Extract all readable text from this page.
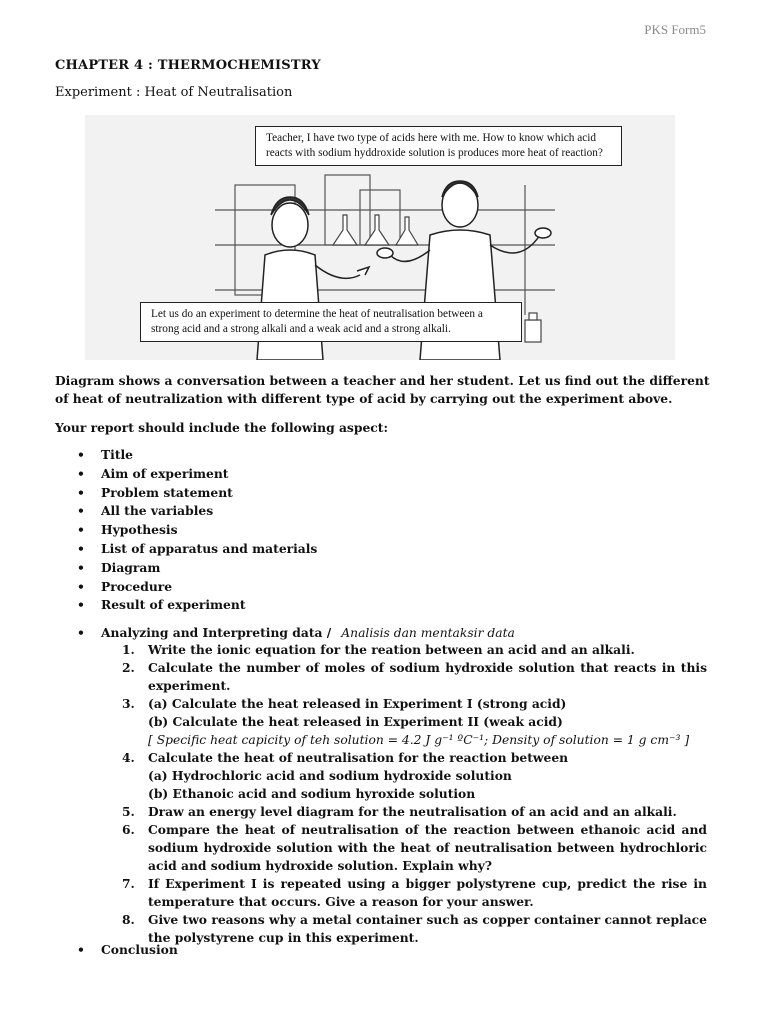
PKS Form5
CHAPTER 4 : THERMOCHEMISTRY
Experiment : Heat of Neutralisation
Teacher, I have two type of acids here with me. How to know which acid reacts with sodium hyddroxide solution is produces more heat of reaction?
Let us do an experiment to determine the heat of neutralisation between a strong acid and a strong alkali and a weak acid and a strong alkali.
Diagram shows a conversation between a teacher and her student. Let us find out the different of heat of neutralization with different type of acid by carrying out the experiment above.
Your report should include the following aspect:
• Title
• Aim of experiment
• Problem statement
• All the variables
• Hypothesis
• List of apparatus and materials
• Diagram
• Procedure
• Result of experiment
• Analyzing and Interpreting data / Analisis dan mentaksir data
1. Write the ionic equation for the reation between an acid and an alkali.
2. Calculate the number of moles of sodium hydroxide solution that reacts in this experiment.
3. (a) Calculate the heat released in Experiment I (strong acid)
(b) Calculate the heat released in Experiment II (weak acid)
[ Specific heat capicity of teh solution = 4.2 J g⁻¹ ºC⁻¹; Density of solution = 1 g cm⁻³ ]
4. Calculate the heat of neutralisation for the reaction between
(a) Hydrochloric acid and sodium hydroxide solution
(b) Ethanoic acid and sodium hyroxide solution
5. Draw an energy level diagram for the neutralisation of an acid and an alkali.
6. Compare the heat of neutralisation of the reaction between ethanoic acid and sodium hydroxide solution with the heat of neutralisation between hydrochloric acid and sodium hydroxide solution. Explain why?
7. If Experiment I is repeated using a bigger polystyrene cup, predict the rise in temperature that occurs. Give a reason for your answer.
8. Give two reasons why a metal container such as copper container cannot replace the polystyrene cup in this experiment.
• Conclusion
